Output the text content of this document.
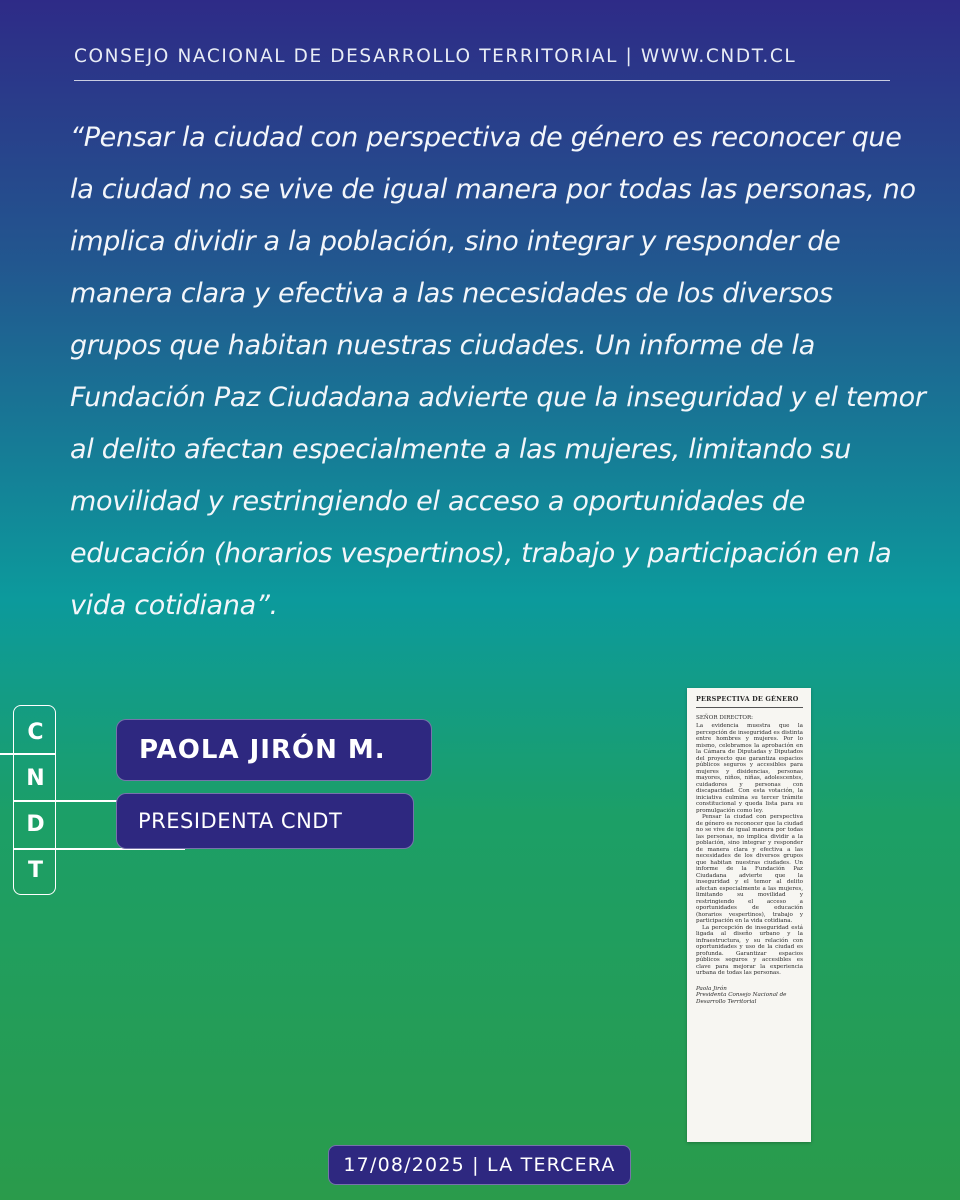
CONSEJO NACIONAL DE DESARROLLO TERRITORIAL | WWW.CNDT.CL

“Pensar la ciudad con perspectiva de género es reconocer que la ciudad no se vive de igual manera por todas las personas, no implica dividir a la población, sino integrar y responder de manera clara y efectiva a las necesidades de los diversos grupos que habitan nuestras ciudades. Un informe de la Fundación Paz Ciudadana advierte que la inseguridad y el temor al delito afectan especialmente a las mujeres, limitando su movilidad y restringiendo el acceso a oportunidades de educación (horarios vespertinos), trabajo y participación en la vida cotidiana”.

C
N
D
T
PAOLA JIRÓN M.
PRESIDENTA CNDT
PERSPECTIVA DE GÉNERO
SEÑOR DIRECTOR:

La evidencia muestra que la percepción de inseguridad es distinta entre hombres y mujeres. Por lo mismo, celebramos la aprobación en la Cámara de Diputadas y Diputados del proyecto que garantiza espacios públicos seguros y accesibles para mujeres y disidencias, personas mayores, niños, niñas, adolescentes, cuidadores y personas con discapacidad. Con esta votación, la iniciativa culmina su tercer trámite constitucional y queda lista para su promulgación como ley.

Pensar la ciudad con perspectiva de género es reconocer que la ciudad no se vive de igual manera por todas las personas, no implica dividir a la población, sino integrar y responder de manera clara y efectiva a las necesidades de los diversos grupos que habitan nuestras ciudades. Un informe de la Fundación Paz Ciudadana advierte que la inseguridad y el temor al delito afectan especialmente a las mujeres, limitando su movilidad y restringiendo el acceso a oportunidades de educación (horarios vespertinos), trabajo y participación en la vida cotidiana.

La percepción de inseguridad está ligada al diseño urbano y la infraestructura, y su relación con oportunidades y uso de la ciudad es profunda. Garantizar espacios públicos seguros y accesibles es clave para mejorar la experiencia urbana de todas las personas.

Paola Jirón
Presidenta Consejo Nacional de Desarrollo Territorial
17/08/2025 | LA TERCERA
